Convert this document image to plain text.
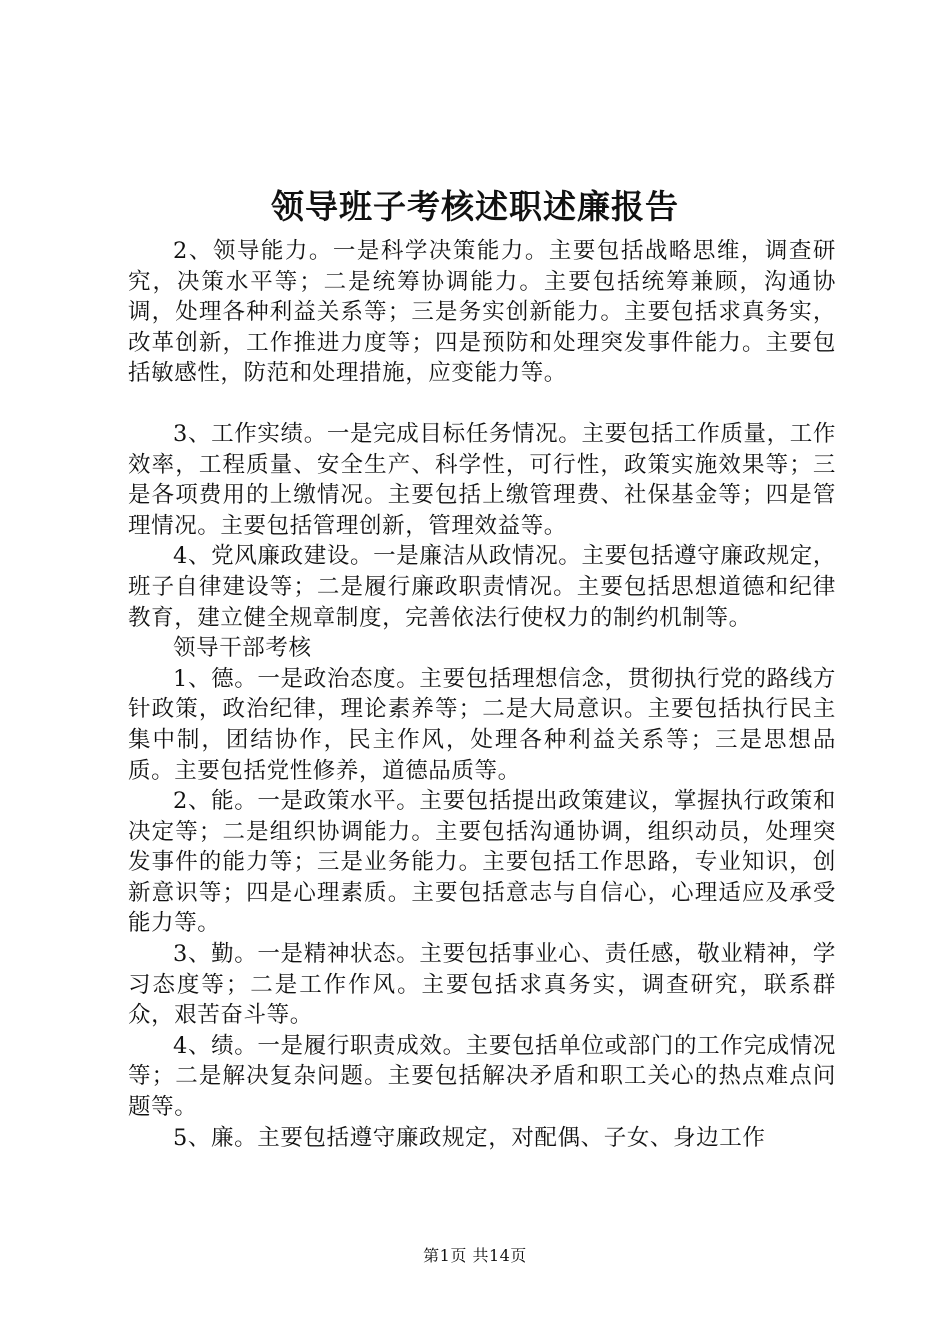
领导班子考核述职述廉报告

2、领导能力。一是科学决策能力。主要包括战略思维，调查研究，决策水平等；二是统筹协调能力。主要包括统筹兼顾，沟通协调，处理各种利益关系等；三是务实创新能力。主要包括求真务实，改革创新，工作推进力度等；四是预防和处理突发事件能力。主要包括敏感性，防范和处理措施，应变能力等。

3、工作实绩。一是完成目标任务情况。主要包括工作质量，工作效率，工程质量、安全生产、科学性，可行性，政策实施效果等；三是各项费用的上缴情况。主要包括上缴管理费、社保基金等；四是管理情况。主要包括管理创新，管理效益等。

4、党风廉政建设。一是廉洁从政情况。主要包括遵守廉政规定，班子自律建设等；二是履行廉政职责情况。主要包括思想道德和纪律教育，建立健全规章制度，完善依法行使权力的制约机制等。

领导干部考核

1、德。一是政治态度。主要包括理想信念，贯彻执行党的路线方针政策，政治纪律，理论素养等；二是大局意识。主要包括执行民主集中制，团结协作，民主作风，处理各种利益关系等；三是思想品质。主要包括党性修养，道德品质等。

2、能。一是政策水平。主要包括提出政策建议，掌握执行政策和决定等；二是组织协调能力。主要包括沟通协调，组织动员，处理突发事件的能力等；三是业务能力。主要包括工作思路，专业知识，创新意识等；四是心理素质。主要包括意志与自信心，心理适应及承受能力等。

3、勤。一是精神状态。主要包括事业心、责任感，敬业精神，学习态度等；二是工作作风。主要包括求真务实，调查研究，联系群众，艰苦奋斗等。

4、绩。一是履行职责成效。主要包括单位或部门的工作完成情况等；二是解决复杂问题。主要包括解决矛盾和职工关心的热点难点问题等。

5、廉。主要包括遵守廉政规定，对配偶、子女、身边工作

第1页 共14页
